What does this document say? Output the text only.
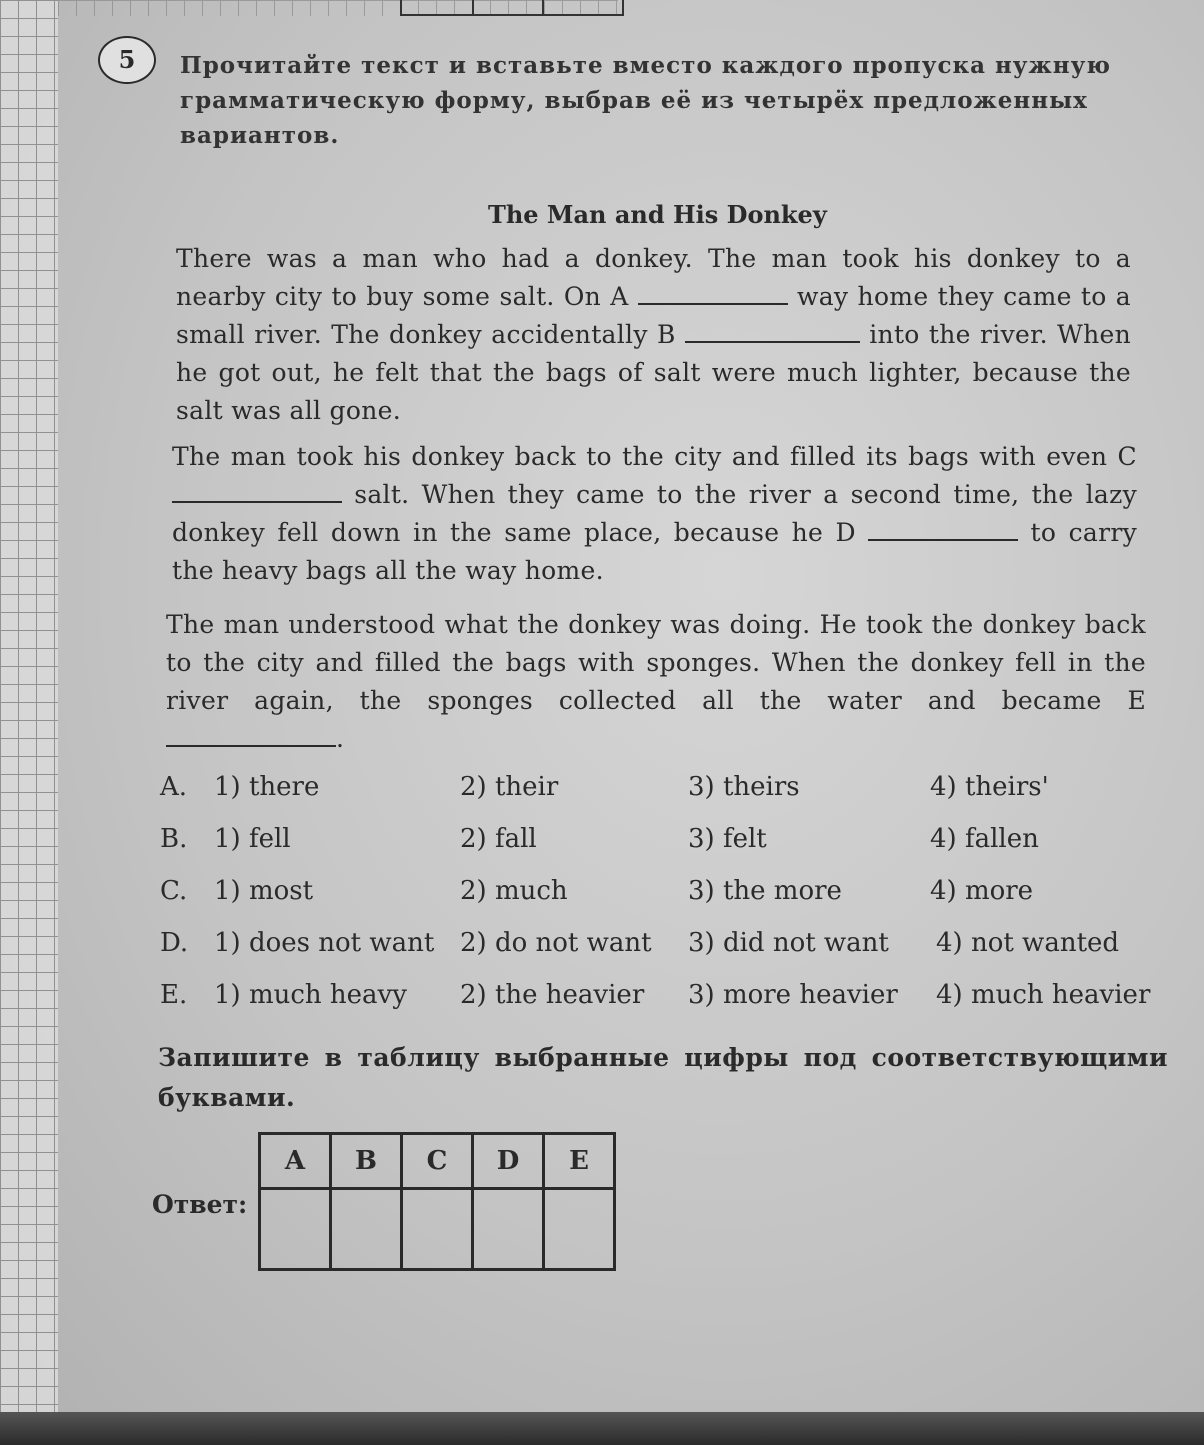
5	Прочитайте текст и вставьте вместо каждого пропуска нужную грамматическую форму, выбрав её из четырёх предложенных вариантов.
The Man and His Donkey
There was a man who had a donkey. The man took his donkey to a nearby city to buy some salt. On A	way home they came to a small river. The donkey accidentally B	into the river. When he got out, he felt that the bags of salt were much lighter, because the salt was all gone.
The man took his donkey back to the city and filled its bags with even C  salt. When they came to the river a second time, the lazy donkey fell down in the same place, because he D	to carry the heavy bags all the way home.
The man understood what the donkey was doing. He took the donkey back to the city and filled the bags with sponges. When the donkey fell in the river again, the sponges collected all the water and became E .
A. 1) there	2) their	3) theirs	4) theirs'
B. 1) fell	2) fall	3) felt	4) fallen
C. 1) most	2) much	3) the more	4) more
D. 1) does not want 2) do not want 3) did not want 4) not wanted
E. 1) much heavy 2) the heavier 3) more heavier 4) much heavier
Запишите в таблицу выбранные цифры под соответствующими буквами.
Ответ:
A	B	C	D	E
